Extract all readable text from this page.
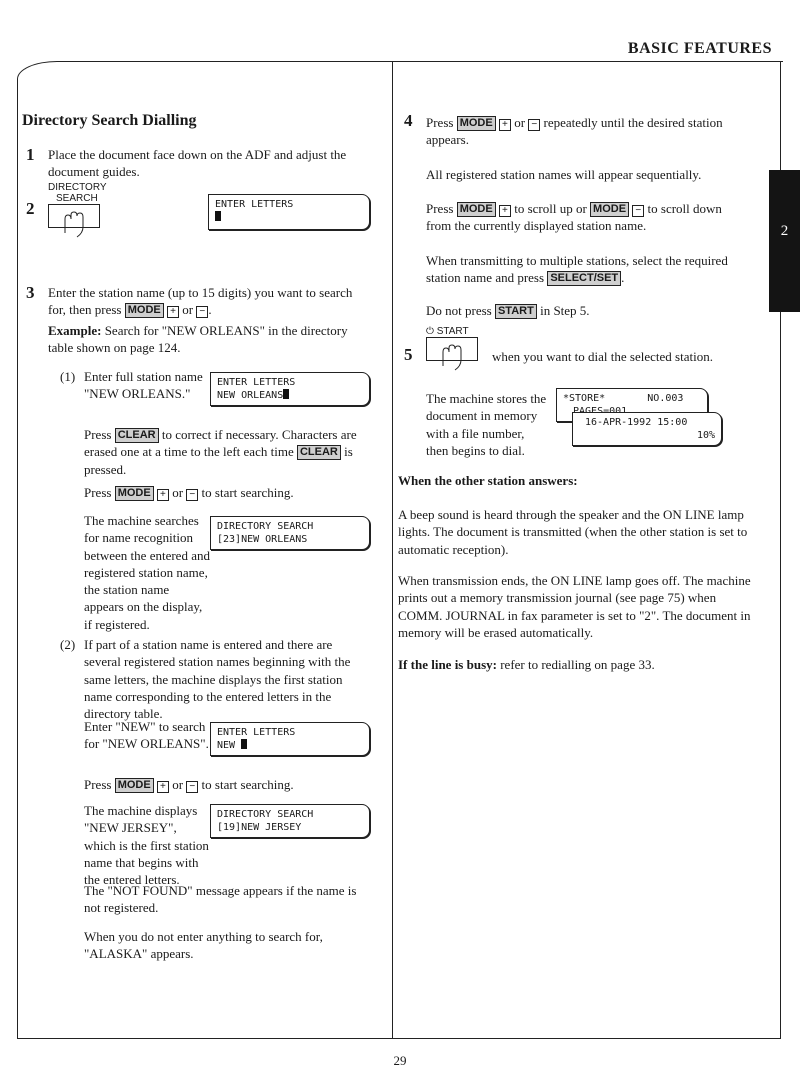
BASIC FEATURES
2
Directory Search Dialling
1 Place the document face down on the ADF and adjust the document guides.

2
DIRECTORY
SEARCH
ENTER LETTERS
3 Enter the station name (up to 15 digits) you want to search for, then press MODE + or − .

Example: Search for "NEW ORLEANS" in the directory table shown on page 124.

(1) Enter full station name "NEW ORLEANS."

ENTER LETTERS
NEW ORLEANS

Press CLEAR to correct if necessary. Characters are erased one at a time to the left each time CLEAR is pressed.

Press MODE + or − to start searching.

The machine searches for name recognition between the entered and registered station name, the station name appears on the display, if registered.

DIRECTORY SEARCH
[23]NEW ORLEANS
(2) If part of a station name is entered and there are several registered station names beginning with the same letters, the machine displays the first station name corresponding to the entered letters in the directory table.

Enter "NEW" to search for "NEW ORLEANS".

ENTER LETTERS
NEW

Press MODE + or − to start searching.

The machine displays "NEW JERSEY", which is the first station name that begins with the entered letters.

DIRECTORY SEARCH
[19]NEW JERSEY

The "NOT FOUND" message appears if the name is not registered.

When you do not enter anything to search for, "ALASKA" appears.

4 Press MODE + or − repeatedly until the desired station appears.

All registered station names will appear sequentially.

Press MODE + to scroll up or MODE − to scroll down from the currently displayed station name.

When transmitting to multiple stations, select the required station name and press SELECT/SET .

Do not press START in Step 5.

5
⏻ START

when you want to dial the selected station.

The machine stores the document in memory with a file number, then begins to dial.

*STORE*       NO.003
16-APR-1992 15:00
10%

When the other station answers:

A beep sound is heard through the speaker and the ON LINE lamp lights. The document is transmitted (when the other station is set to automatic reception).

When transmission ends, the ON LINE lamp goes off. The machine prints out a memory transmission journal (see page 75) when COMM. JOURNAL in fax parameter is set to "2". The document in memory will be erased automatically.

If the line is busy: refer to redialling on page 33.

29
